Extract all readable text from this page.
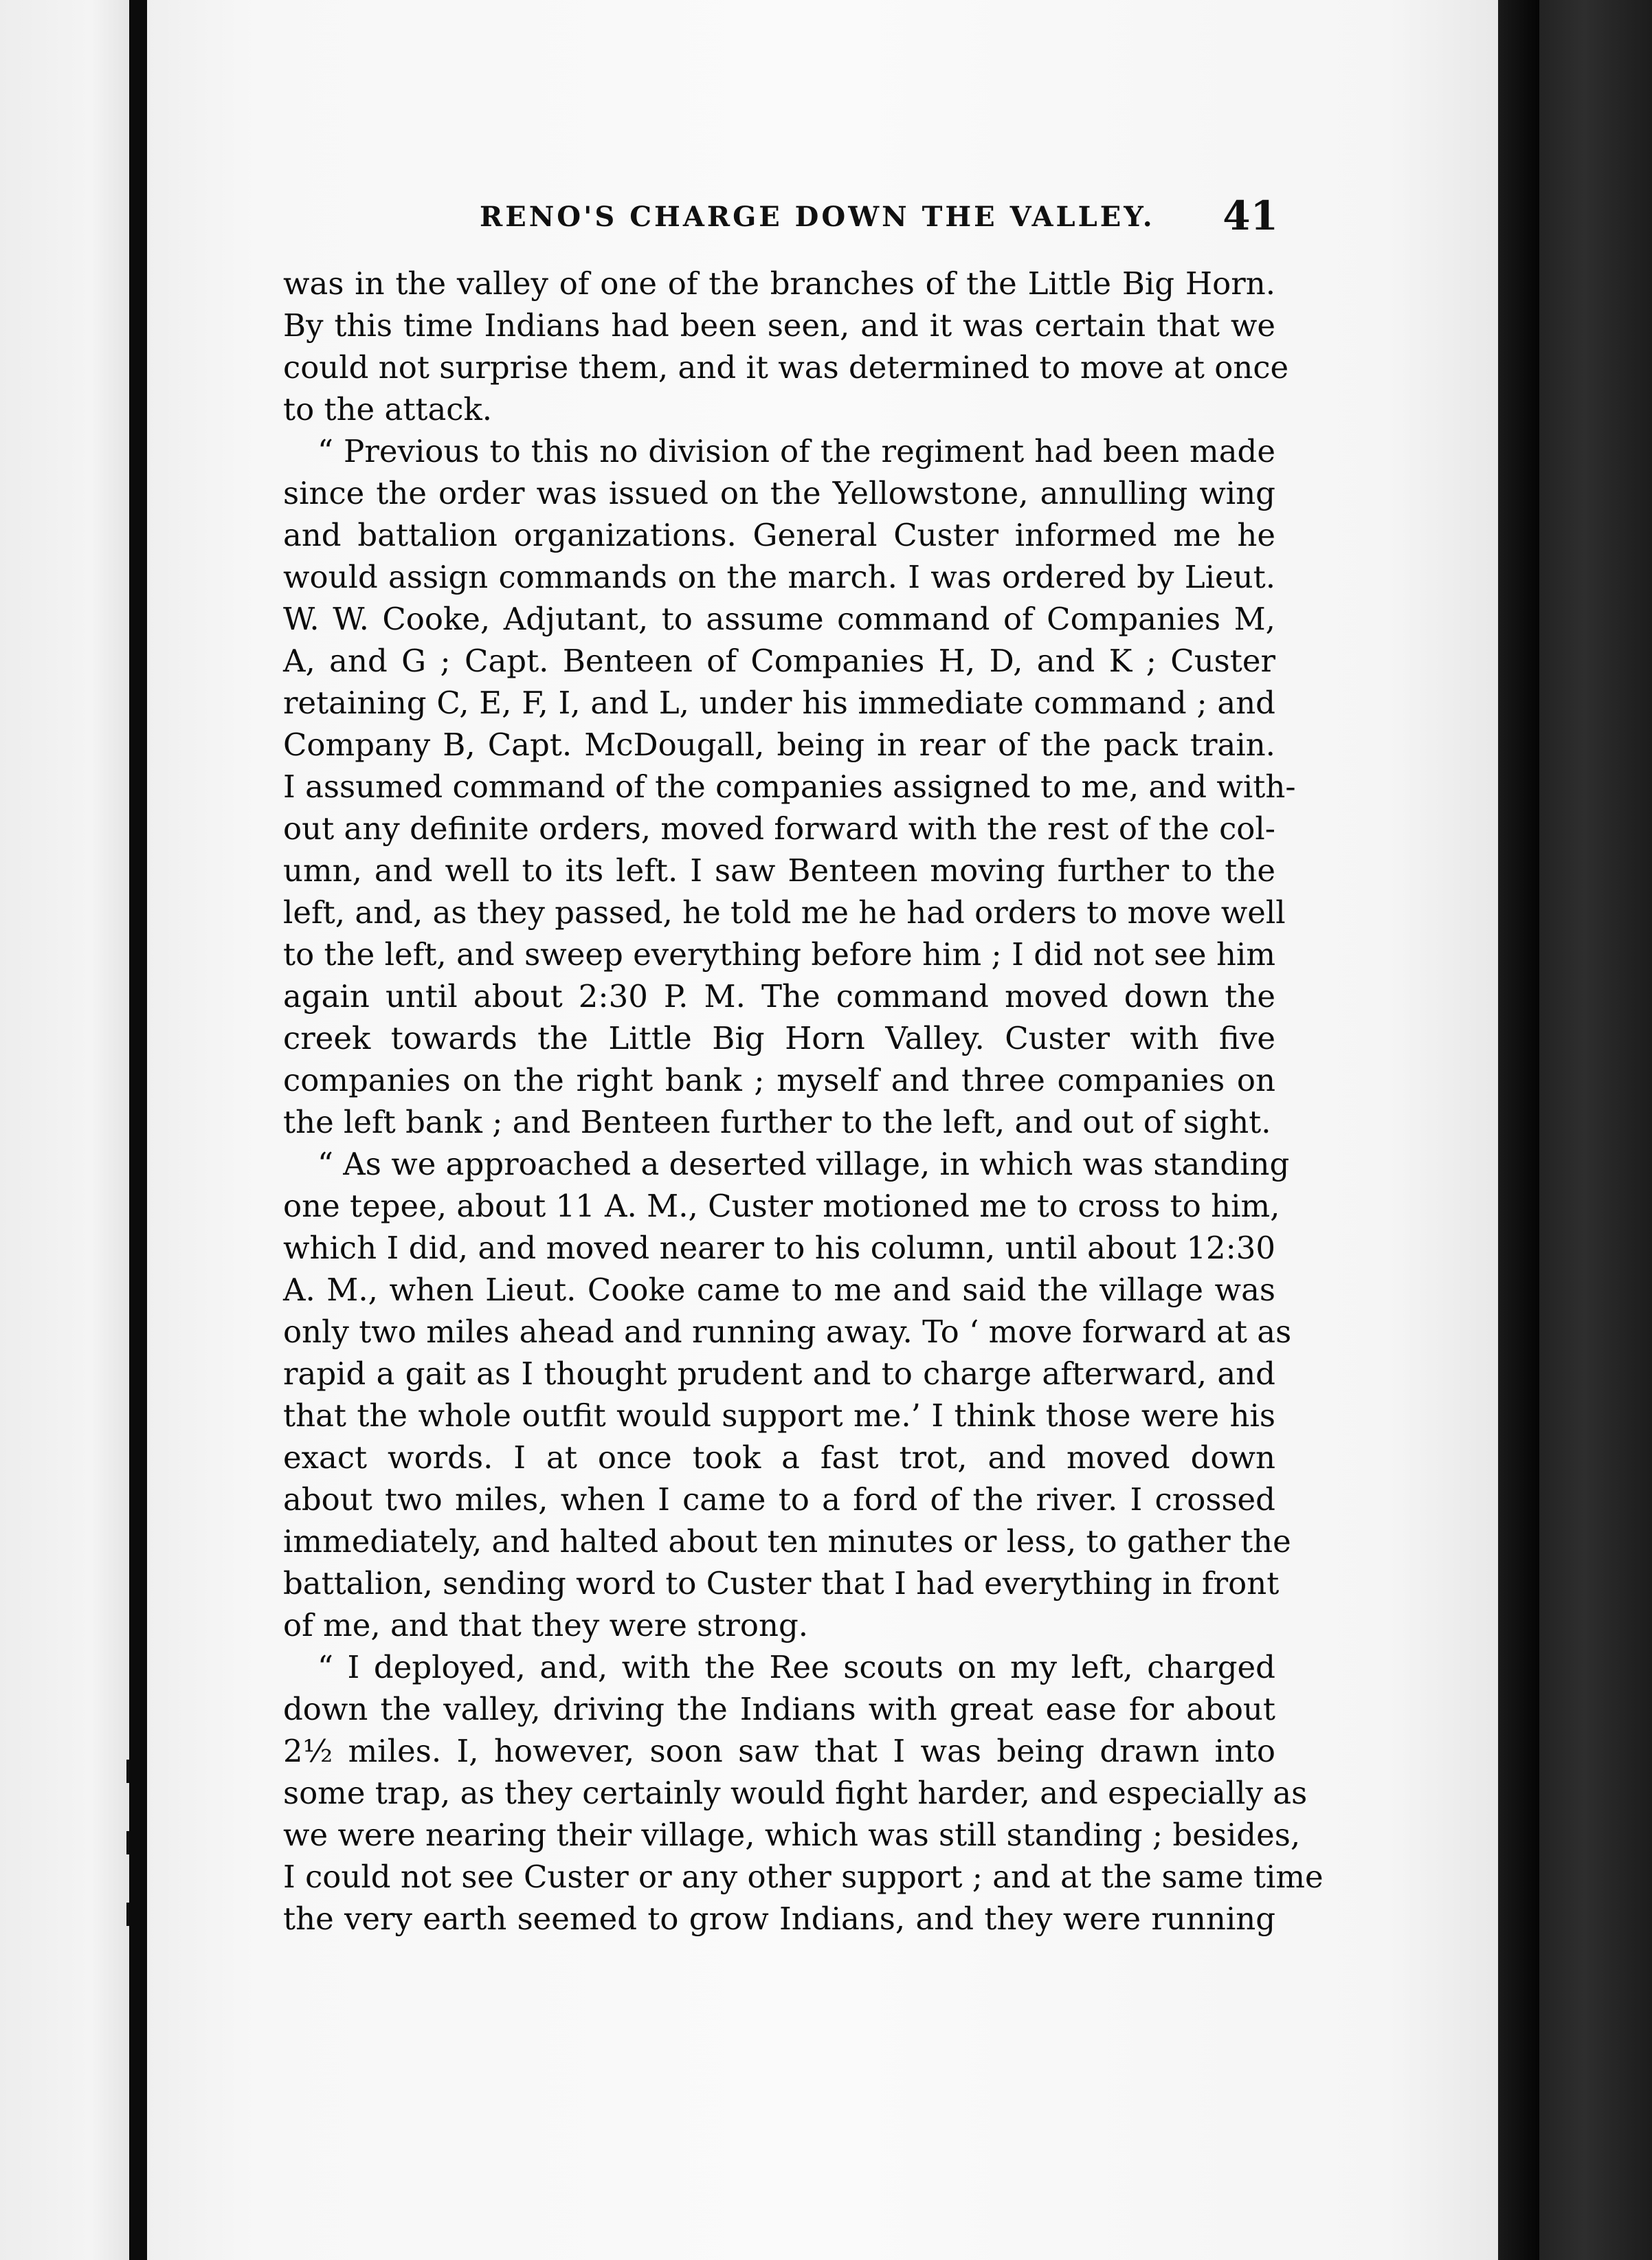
RENO'S CHARGE DOWN THE VALLEY. 41
was in the valley of one of the branches of the Little Big Horn.
By this time Indians had been seen, and it was certain that we
could not surprise them, and it was determined to move at once
to the attack.
“ Previous to this no division of the regiment had been made
since the order was issued on the Yellowstone, annulling wing
and battalion organizations. General Custer informed me he
would assign commands on the march. I was ordered by Lieut.
W. W. Cooke, Adjutant, to assume command of Companies M,
A, and G ; Capt. Benteen of Companies H, D, and K ; Custer
retaining C, E, F, I, and L, under his immediate command ; and
Company B, Capt. McDougall, being in rear of the pack train.
I assumed command of the companies assigned to me, and with-
out any definite orders, moved forward with the rest of the col-
umn, and well to its left. I saw Benteen moving further to the
left, and, as they passed, he told me he had orders to move well
to the left, and sweep everything before him ; I did not see him
again until about 2:30 P. M. The command moved down the
creek towards the Little Big Horn Valley. Custer with five
companies on the right bank ; myself and three companies on
the left bank ; and Benteen further to the left, and out of sight.
“ As we approached a deserted village, in which was standing
one tepee, about 11 A. M., Custer motioned me to cross to him,
which I did, and moved nearer to his column, until about 12:30
A. M., when Lieut. Cooke came to me and said the village was
only two miles ahead and running away. To ‘ move forward at as
rapid a gait as I thought prudent and to charge afterward, and
that the whole outfit would support me.’ I think those were his
exact words. I at once took a fast trot, and moved down
about two miles, when I came to a ford of the river. I crossed
immediately, and halted about ten minutes or less, to gather the
battalion, sending word to Custer that I had everything in front
of me, and that they were strong.
“ I deployed, and, with the Ree scouts on my left, charged
down the valley, driving the Indians with great ease for about
2½ miles. I, however, soon saw that I was being drawn into
some trap, as they certainly would fight harder, and especially as
we were nearing their village, which was still standing ; besides,
I could not see Custer or any other support ; and at the same time
the very earth seemed to grow Indians, and they were running
